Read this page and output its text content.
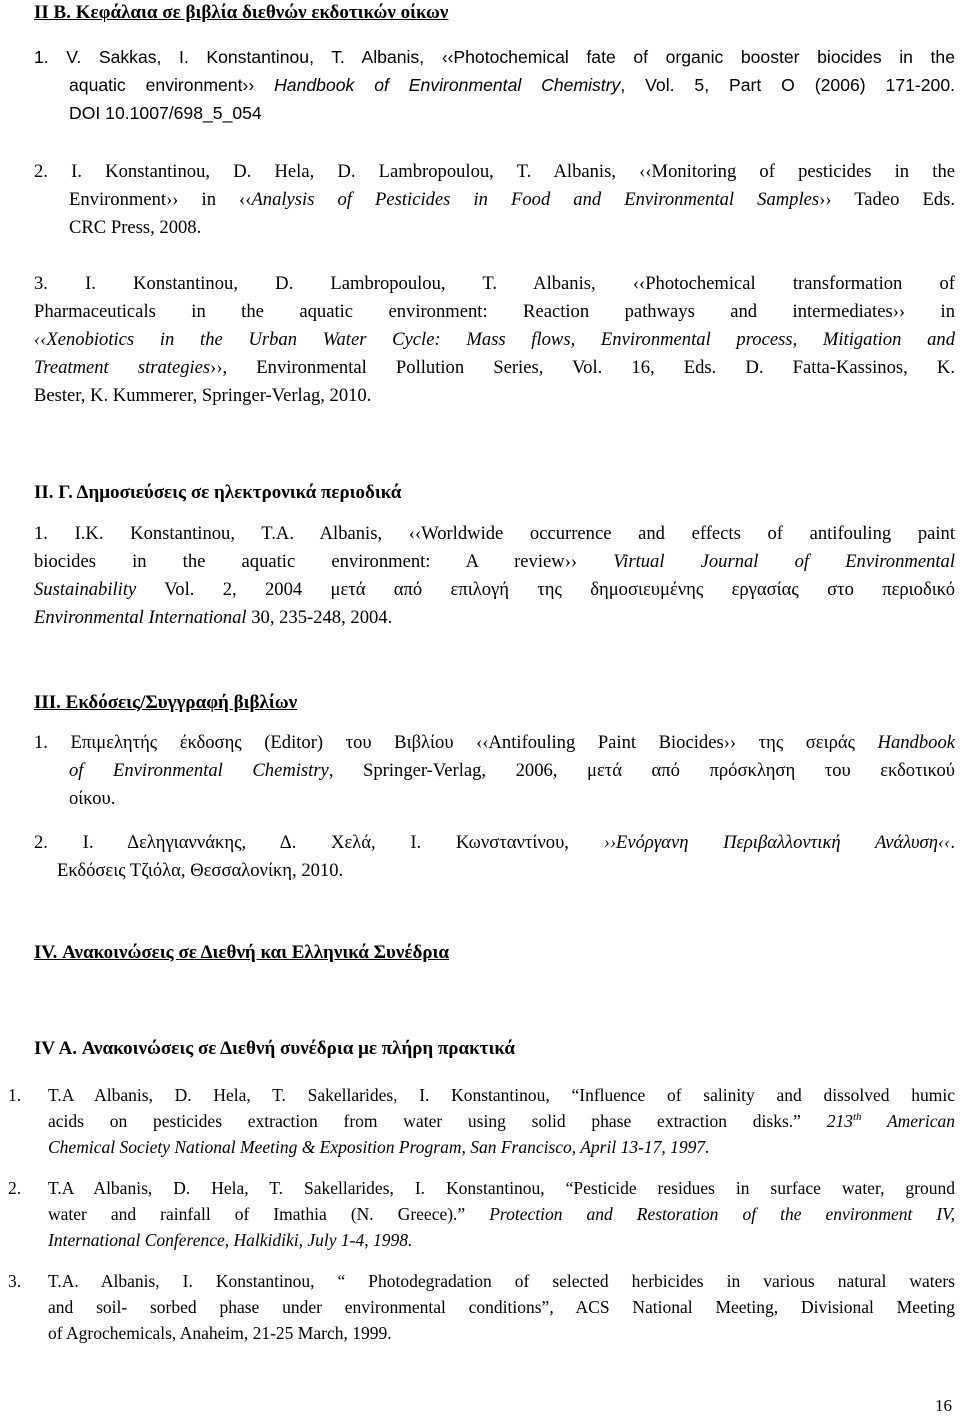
II B. Κεφάλαια σε βιβλία διεθνών εκδοτικών οίκων
1. V. Sakkas, I. Konstantinou, T. Albanis, ‹‹Photochemical fate of organic booster biocides in the
aquatic environment›› Handbook of Environmental Chemistry, Vol. 5, Part O (2006) 171-200.
DOI 10.1007/698_5_054
2. I. Konstantinou, D. Hela, D. Lambropoulou, T. Albanis, ‹‹Monitoring of pesticides in the
Environment›› in ‹‹Analysis of Pesticides in Food and Environmental Samples›› Tadeo Eds.
CRC Press, 2008.
3. I. Konstantinou, D. Lambropoulou, T. Albanis, ‹‹Photochemical transformation of
Pharmaceuticals in the aquatic environment: Reaction pathways and intermediates›› in
‹‹Xenobiotics in the Urban Water Cycle: Mass flows, Environmental process, Mitigation and
Treatment strategies››, Environmental Pollution Series, Vol. 16, Eds. D. Fatta-Kassinos, K.
Bester, K. Kummerer, Springer-Verlag, 2010.
II. Γ. Δημοσιεύσεις σε ηλεκτρονικά περιοδικά
1. I.K. Konstantinou, T.A. Albanis, ‹‹Worldwide occurrence and effects of antifouling paint
biocides in the aquatic environment: A review›› Virtual Journal of Environmental
Sustainability Vol. 2, 2004 μετά από επιλογή της δημοσιευμένης εργασίας στο περιοδικό
Environmental International 30, 235-248, 2004.
III. Εκδόσεις/Συγγραφή βιβλίων
1. Επιμελητής έκδοσης (Editor) του Βιβλίου ‹‹Antifouling Paint Biocides›› της σειράς Handbook
of Environmental Chemistry, Springer-Verlag, 2006, μετά από πρόσκληση του εκδοτικού
οίκου.
2. Ι. Δεληγιαννάκης, Δ. Χελά, Ι. Κωνσταντίνου, ››Ενόργανη Περιβαλλοντική Ανάλυση‹‹.
Εκδόσεις Τζιόλα, Θεσσαλονίκη, 2010.
IV. Ανακοινώσεις σε Διεθνή και Ελληνικά Συνέδρια
IV A. Ανακοινώσεις σε Διεθνή συνέδρια με πλήρη πρακτικά
1. T.A Albanis, D. Hela, T. Sakellarides, I. Konstantinou, “Influence of salinity and dissolved humic
acids on pesticides extraction from water using solid phase extraction disks.” 213th American
Chemical Society National Meeting & Exposition Program, San Francisco, April 13-17, 1997.
2. T.A Albanis, D. Hela, T. Sakellarides, I. Konstantinou, “Pesticide residues in surface water, ground
water and rainfall of Imathia (N. Greece).” Protection and Restoration of the environment IV,
International Conference, Halkidiki, July 1-4, 1998.
3. T.A. Albanis, I. Konstantinou, “ Photodegradation of selected herbicides in various natural waters
and soil- sorbed phase under environmental conditions”, ACS National Meeting, Divisional Meeting
of Agrochemicals, Anaheim, 21-25 March, 1999.
16
